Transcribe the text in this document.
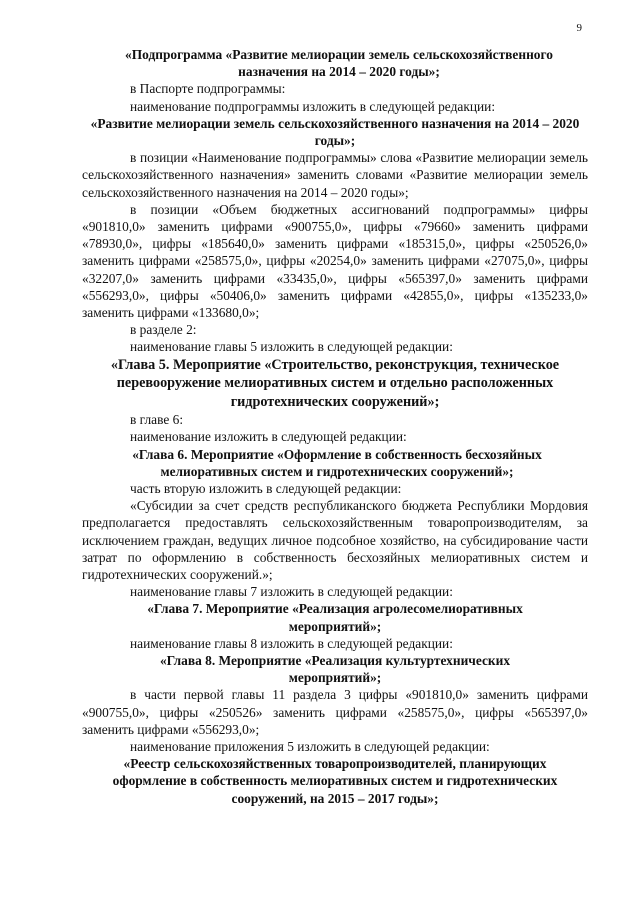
9

«Подпрограмма «Развитие мелиорации земель сельскохозяйственного назначения на 2014 – 2020 годы»;

в Паспорте подпрограммы:

наименование подпрограммы изложить в следующей редакции:

«Развитие мелиорации земель сельскохозяйственного назначения на 2014 – 2020 годы»;

в позиции «Наименование подпрограммы» слова «Развитие мелиорации земель сельскохозяйственного назначения» заменить словами «Развитие мелиорации земель сельскохозяйственного назначения на 2014 – 2020 годы»;

в позиции «Объем бюджетных ассигнований подпрограммы» цифры «901810,0» заменить цифрами «900755,0», цифры «79660» заменить цифрами «78930,0», цифры «185640,0» заменить цифрами «185315,0», цифры «250526,0» заменить цифрами «258575,0», цифры «20254,0» заменить цифрами «27075,0», цифры «32207,0» заменить цифрами «33435,0», цифры «565397,0» заменить цифрами «556293,0», цифры «50406,0» заменить цифрами «42855,0», цифры «135233,0» заменить цифрами «133680,0»;

в разделе 2:

наименование главы 5 изложить в следующей редакции:

«Глава 5. Мероприятие «Строительство, реконструкция, техническое перевооружение мелиоративных систем и отдельно расположенных гидротехнических сооружений»;

в главе 6:

наименование изложить в следующей редакции:

«Глава 6. Мероприятие «Оформление в собственность бесхозяйных мелиоративных систем и гидротехнических сооружений»;

часть вторую изложить в следующей редакции:

«Субсидии за счет средств республиканского бюджета Республики Мордовия предполагается предоставлять сельскохозяйственным товаропроизводителям, за исключением граждан, ведущих личное подсобное хозяйство, на субсидирование части затрат по оформлению в собственность бесхозяйных мелиоративных систем и гидротехнических сооружений.»;

наименование главы 7 изложить в следующей редакции:

«Глава 7. Мероприятие «Реализация агролесомелиоративных мероприятий»;

наименование главы 8 изложить в следующей редакции:

«Глава 8. Мероприятие «Реализация культуртехнических мероприятий»;

в части первой главы 11 раздела 3 цифры «901810,0» заменить цифрами «900755,0», цифры «250526» заменить цифрами «258575,0», цифры «565397,0» заменить цифрами «556293,0»;

наименование приложения 5 изложить в следующей редакции:

«Реестр сельскохозяйственных товаропроизводителей, планирующих оформление в собственность мелиоративных систем и гидротехнических сооружений, на 2015 – 2017 годы»;
